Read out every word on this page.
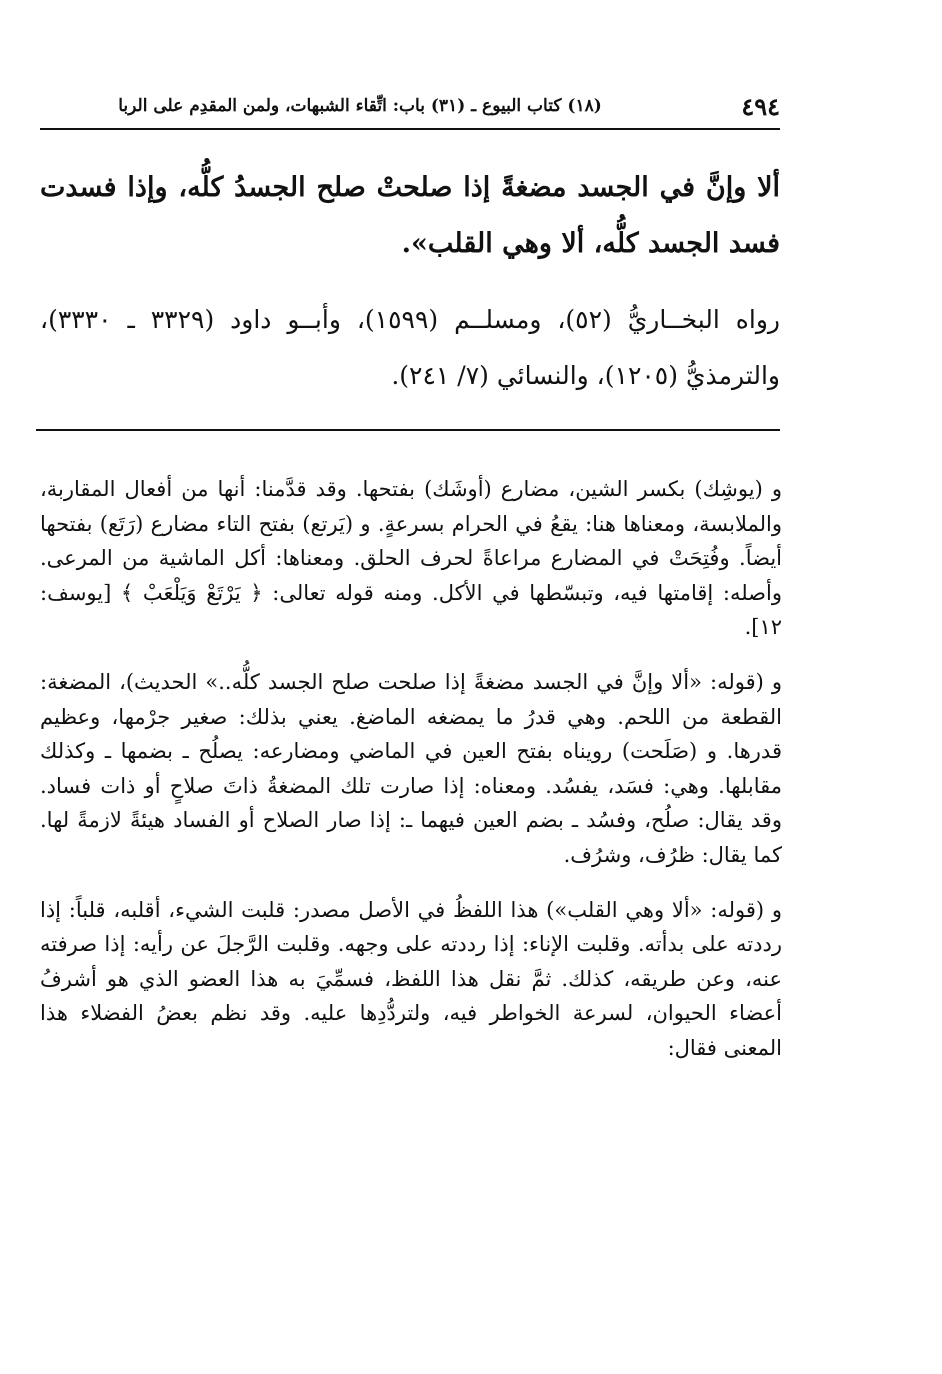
٤٩٤
(١٨) كتاب البيوع ـ (٣١) باب: اتِّقاء الشبهات، ولمن المقدِم على الربا

ألا وإنَّ في الجسد مضغةً إذا صلحتْ صلح الجسدُ كلُّه، وإذا فسدت فسد الجسد كلُّه، ألا وهي القلب».

رواه البخــاريُّ (٥٢)، ومسلــم (١٥٩٩)، وأبــو داود (٣٣٢٩ ـ ٣٣٣٠)، والترمذيُّ (١٢٠٥)، والنسائي (٧/ ٢٤١).

و (يوشِك) بكسر الشين، مضارع (أوشَك) بفتحها. وقد قدَّمنا: أنها من أفعال المقاربة، والملابسة، ومعناها هنا: يقعُ في الحرام بسرعةٍ. و (يَرتع) بفتح التاء مضارع (رَتَع) بفتحها أيضاً. وفُتِحَتْ في المضارع مراعاةً لحرف الحلق. ومعناها: أكل الماشية من المرعى. وأصله: إقامتها فيه، وتبسّطها في الأكل. ومنه قوله تعالى: ﴿ يَرْتَعْ وَيَلْعَبْ ﴾ [يوسف: ١٢].

و (قوله: «ألا وإنَّ في الجسد مضغةً إذا صلحت صلح الجسد كلُّه..» الحديث)، المضغة: القطعة من اللحم. وهي قدرُ ما يمضغه الماضغ. يعني بذلك: صغير جرْمها، وعظيم قدرها. و (صَلَحت) رويناه بفتح العين في الماضي ومضارعه: يصلُح ـ بضمها ـ وكذلك مقابلها. وهي: فسَد، يفسُد. ومعناه: إذا صارت تلك المضغةُ ذاتَ صلاحٍ أو ذات فساد. وقد يقال: صلُح، وفسُد ـ بضم العين فيهما ـ: إذا صار الصلاح أو الفساد هيئةً لازمةً لها. كما يقال: ظرُف، وشرُف.

و (قوله: «ألا وهي القلب») هذا اللفظُ في الأصل مصدر: قلبت الشيء، أقلبه، قلباً: إذا رددته على بدأته. وقلبت الإناء: إذا رددته على وجهه. وقلبت الرَّجلَ عن رأيه: إذا صرفته عنه، وعن طريقه، كذلك. ثمَّ نقل هذا اللفظ، فسمِّيَ به هذا العضو الذي هو أشرفُ أعضاء الحيوان، لسرعة الخواطر فيه، ولتردُّدِها عليه. وقد نظم بعضُ الفضلاء هذا المعنى فقال:
